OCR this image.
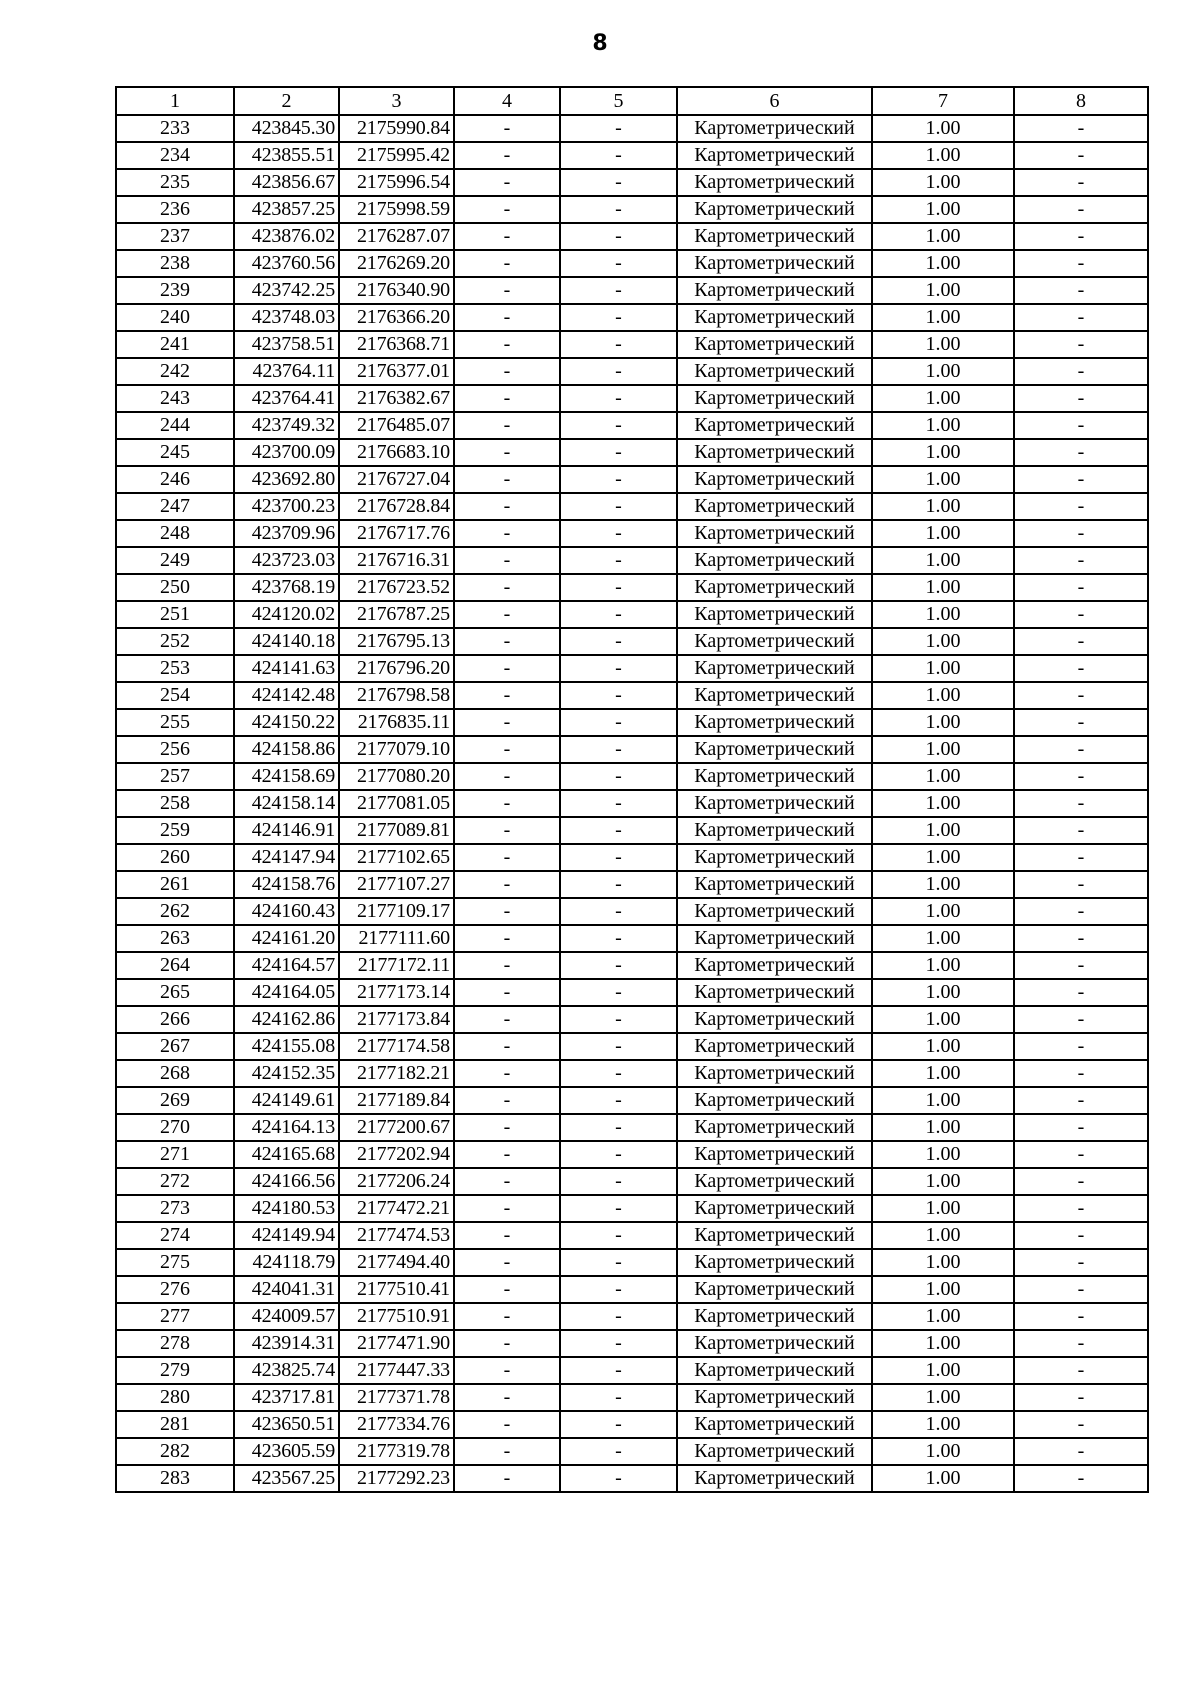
8
1	2	3	4	5	6	7	8
233	423845.30	2175990.84	-	-	Картометрический	1.00	-
234	423855.51	2175995.42	-	-	Картометрический	1.00	-
235	423856.67	2175996.54	-	-	Картометрический	1.00	-
236	423857.25	2175998.59	-	-	Картометрический	1.00	-
237	423876.02	2176287.07	-	-	Картометрический	1.00	-
238	423760.56	2176269.20	-	-	Картометрический	1.00	-
239	423742.25	2176340.90	-	-	Картометрический	1.00	-
240	423748.03	2176366.20	-	-	Картометрический	1.00	-
241	423758.51	2176368.71	-	-	Картометрический	1.00	-
242	423764.11	2176377.01	-	-	Картометрический	1.00	-
243	423764.41	2176382.67	-	-	Картометрический	1.00	-
244	423749.32	2176485.07	-	-	Картометрический	1.00	-
245	423700.09	2176683.10	-	-	Картометрический	1.00	-
246	423692.80	2176727.04	-	-	Картометрический	1.00	-
247	423700.23	2176728.84	-	-	Картометрический	1.00	-
248	423709.96	2176717.76	-	-	Картометрический	1.00	-
249	423723.03	2176716.31	-	-	Картометрический	1.00	-
250	423768.19	2176723.52	-	-	Картометрический	1.00	-
251	424120.02	2176787.25	-	-	Картометрический	1.00	-
252	424140.18	2176795.13	-	-	Картометрический	1.00	-
253	424141.63	2176796.20	-	-	Картометрический	1.00	-
254	424142.48	2176798.58	-	-	Картометрический	1.00	-
255	424150.22	2176835.11	-	-	Картометрический	1.00	-
256	424158.86	2177079.10	-	-	Картометрический	1.00	-
257	424158.69	2177080.20	-	-	Картометрический	1.00	-
258	424158.14	2177081.05	-	-	Картометрический	1.00	-
259	424146.91	2177089.81	-	-	Картометрический	1.00	-
260	424147.94	2177102.65	-	-	Картометрический	1.00	-
261	424158.76	2177107.27	-	-	Картометрический	1.00	-
262	424160.43	2177109.17	-	-	Картометрический	1.00	-
263	424161.20	2177111.60	-	-	Картометрический	1.00	-
264	424164.57	2177172.11	-	-	Картометрический	1.00	-
265	424164.05	2177173.14	-	-	Картометрический	1.00	-
266	424162.86	2177173.84	-	-	Картометрический	1.00	-
267	424155.08	2177174.58	-	-	Картометрический	1.00	-
268	424152.35	2177182.21	-	-	Картометрический	1.00	-
269	424149.61	2177189.84	-	-	Картометрический	1.00	-
270	424164.13	2177200.67	-	-	Картометрический	1.00	-
271	424165.68	2177202.94	-	-	Картометрический	1.00	-
272	424166.56	2177206.24	-	-	Картометрический	1.00	-
273	424180.53	2177472.21	-	-	Картометрический	1.00	-
274	424149.94	2177474.53	-	-	Картометрический	1.00	-
275	424118.79	2177494.40	-	-	Картометрический	1.00	-
276	424041.31	2177510.41	-	-	Картометрический	1.00	-
277	424009.57	2177510.91	-	-	Картометрический	1.00	-
278	423914.31	2177471.90	-	-	Картометрический	1.00	-
279	423825.74	2177447.33	-	-	Картометрический	1.00	-
280	423717.81	2177371.78	-	-	Картометрический	1.00	-
281	423650.51	2177334.76	-	-	Картометрический	1.00	-
282	423605.59	2177319.78	-	-	Картометрический	1.00	-
283	423567.25	2177292.23	-	-	Картометрический	1.00	-
